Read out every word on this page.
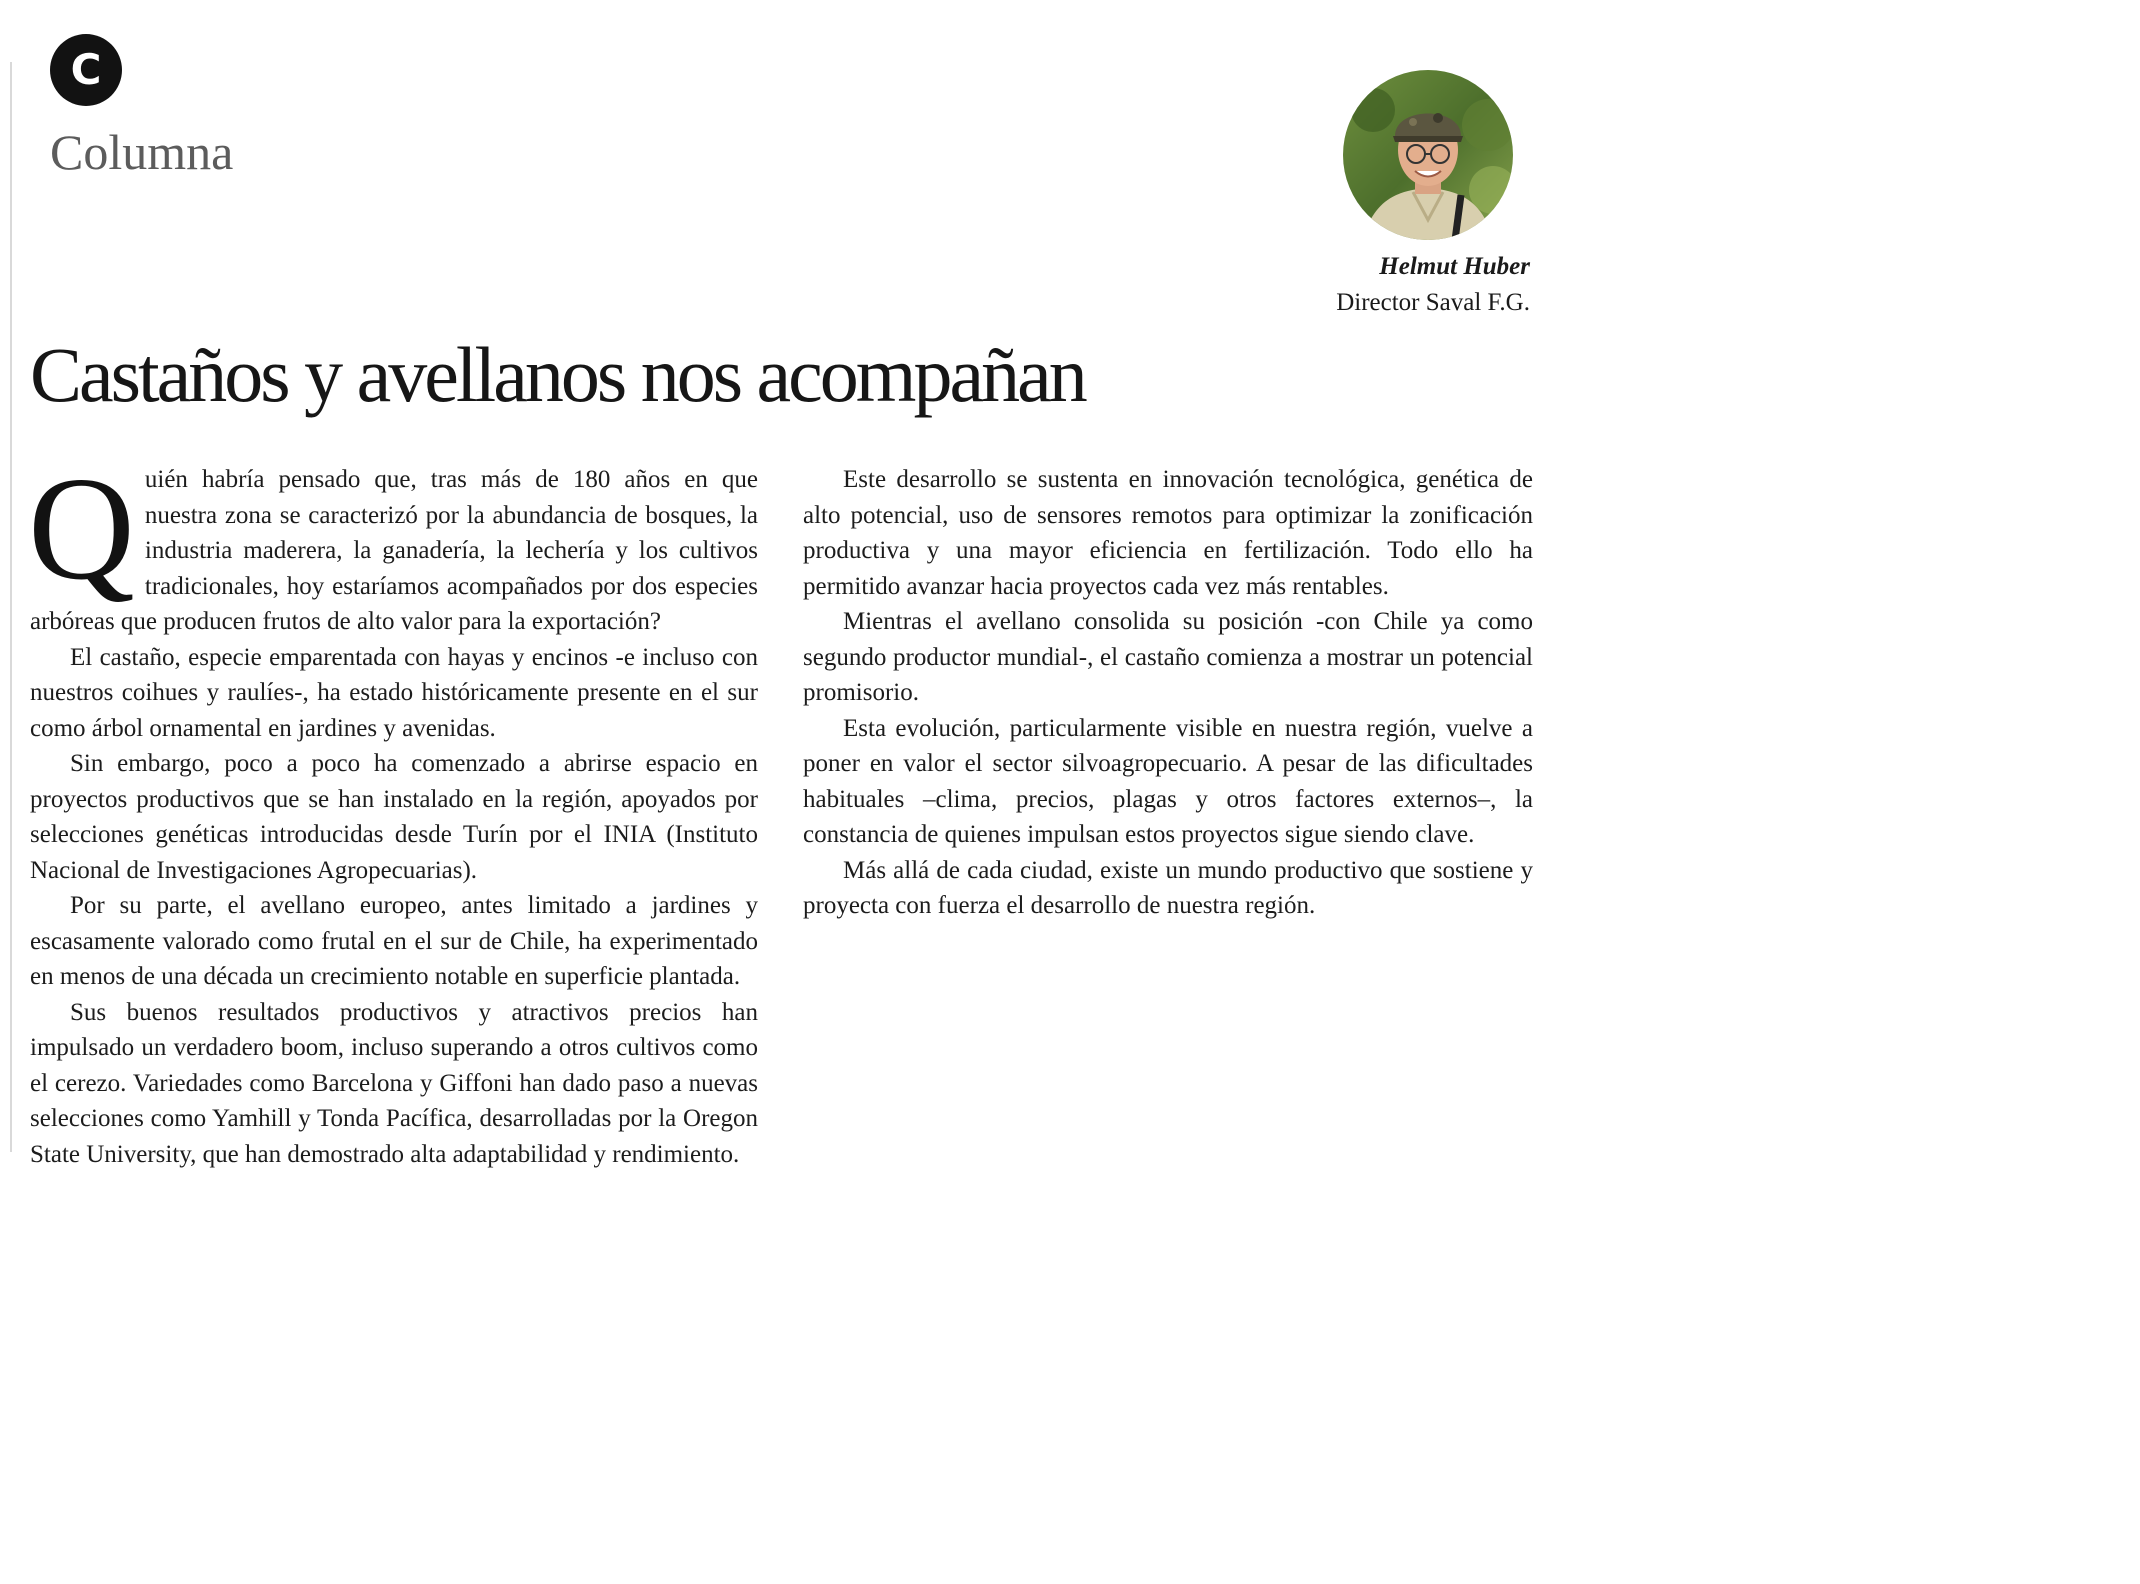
C
Columna
Helmut Huber
Director Saval F.G.
Castaños y avellanos nos acompañan

Quién habría pensado que, tras más de 180 años en que nuestra zona se caracterizó por la abundancia de bosques, la industria maderera, la ganadería, la lechería y los cultivos tradicionales, hoy estaríamos acompañados por dos especies arbóreas que producen frutos de alto valor para la exportación?

El castaño, especie emparentada con hayas y encinos -e incluso con nuestros coihues y raulíes-, ha estado históricamente presente en el sur como árbol ornamental en jardines y avenidas.

Sin embargo, poco a poco ha comenzado a abrirse espacio en proyectos productivos que se han instalado en la región, apoyados por selecciones genéticas introducidas desde Turín por el INIA (Instituto Nacional de Investigaciones Agropecuarias).

Por su parte, el avellano europeo, antes limitado a jardines y escasamente valorado como frutal en el sur de Chile, ha experimentado en menos de una década un crecimiento notable en superficie plantada.

Sus buenos resultados productivos y atractivos precios han impulsado un verdadero boom, incluso superando a otros cultivos como el cerezo. Variedades como Barcelona y Giffoni han dado paso a nuevas selecciones como Yamhill y Tonda Pacífica, desarrolladas por la Oregon State University, que han demostrado alta adaptabilidad y rendimiento.

Este desarrollo se sustenta en innovación tecnológica, genética de alto potencial, uso de sensores remotos para optimizar la zonificación productiva y una mayor eficiencia en fertilización. Todo ello ha permitido avanzar hacia proyectos cada vez más rentables.

Mientras el avellano consolida su posición -con Chile ya como segundo productor mundial-, el castaño comienza a mostrar un potencial promisorio.

Esta evolución, particularmente visible en nuestra región, vuelve a poner en valor el sector silvoagropecuario. A pesar de las dificultades habituales –clima, precios, plagas y otros factores externos–, la constancia de quienes impulsan estos proyectos sigue siendo clave.

Más allá de cada ciudad, existe un mundo productivo que sostiene y proyecta con fuerza el desarrollo de nuestra región.
